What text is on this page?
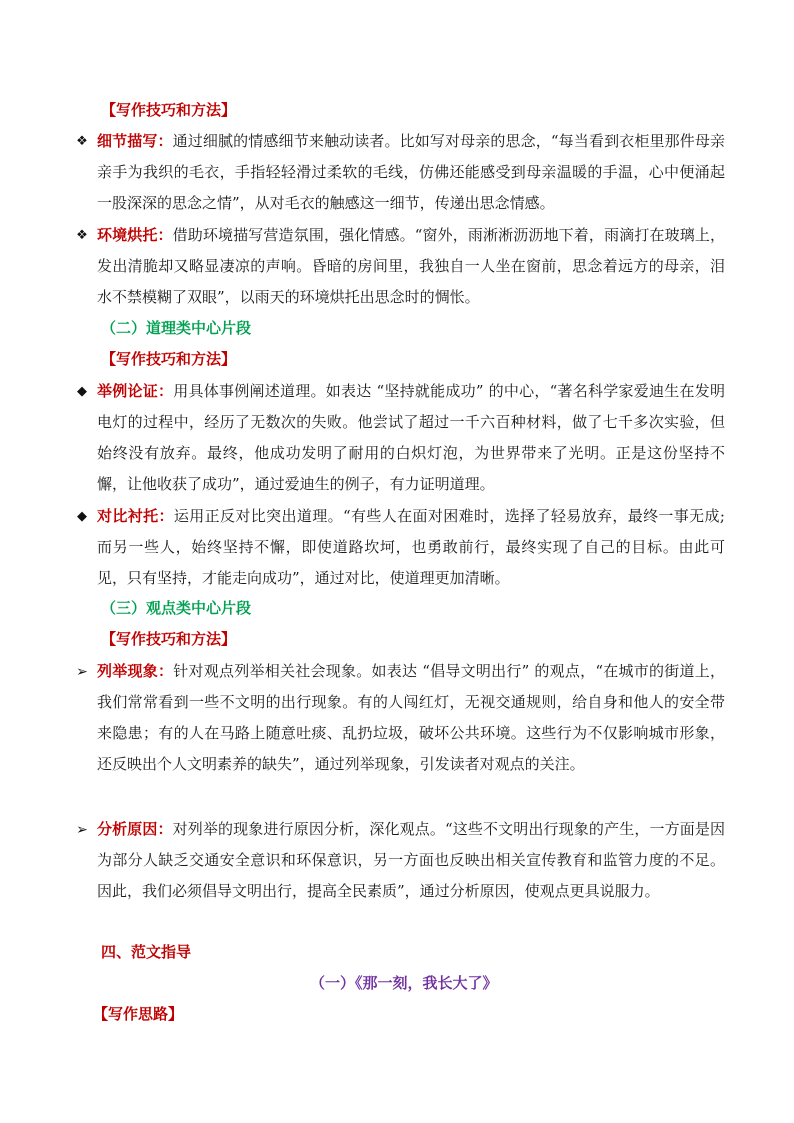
【写作技巧和方法】
❖ 细节描写：通过细腻的情感细节来触动读者。比如写对母亲的思念，“每当看到衣柜里那件母亲亲手为我织的毛衣，手指轻轻滑过柔软的毛线，仿佛还能感受到母亲温暖的手温，心中便涌起一股深深的思念之情”，从对毛衣的触感这一细节，传递出思念情感。

❖ 环境烘托：借助环境描写营造氛围，强化情感。“窗外，雨淅淅沥沥地下着，雨滴打在玻璃上，发出清脆却又略显凄凉的声响。昏暗的房间里，我独自一人坐在窗前，思念着远方的母亲，泪水不禁模糊了双眼”，以雨天的环境烘托出思念时的惆怅。

（二）道理类中心片段
【写作技巧和方法】
◆ 举例论证：用具体事例阐述道理。如表达 “坚持就能成功” 的中心，“著名科学家爱迪生在发明电灯的过程中，经历了无数次的失败。他尝试了超过一千六百种材料，做了七千多次实验，但始终没有放弃。最终，他成功发明了耐用的白炽灯泡，为世界带来了光明。正是这份坚持不懈，让他收获了成功”，通过爱迪生的例子，有力证明道理。

◆ 对比衬托：运用正反对比突出道理。“有些人在面对困难时，选择了轻易放弃，最终一事无成; 而另一些人，始终坚持不懈，即使道路坎坷，也勇敢前行，最终实现了自己的目标。由此可见，只有坚持，才能走向成功”，通过对比，使道理更加清晰。

（三）观点类中心片段
【写作技巧和方法】
➢ 列举现象：针对观点列举相关社会现象。如表达 “倡导文明出行” 的观点，“在城市的街道上，我们常常看到一些不文明的出行现象。有的人闯红灯，无视交通规则，给自身和他人的安全带来隐患；有的人在马路上随意吐痰、乱扔垃圾，破坏公共环境。这些行为不仅影响城市形象，还反映出个人文明素养的缺失”，通过列举现象，引发读者对观点的关注。

➢ 分析原因：对列举的现象进行原因分析，深化观点。“这些不文明出行现象的产生，一方面是因为部分人缺乏交通安全意识和环保意识，另一方面也反映出相关宣传教育和监管力度的不足。因此，我们必须倡导文明出行，提高全民素质”，通过分析原因，使观点更具说服力。

四、范文指导
（一）《那一刻，我长大了》
【写作思路】
